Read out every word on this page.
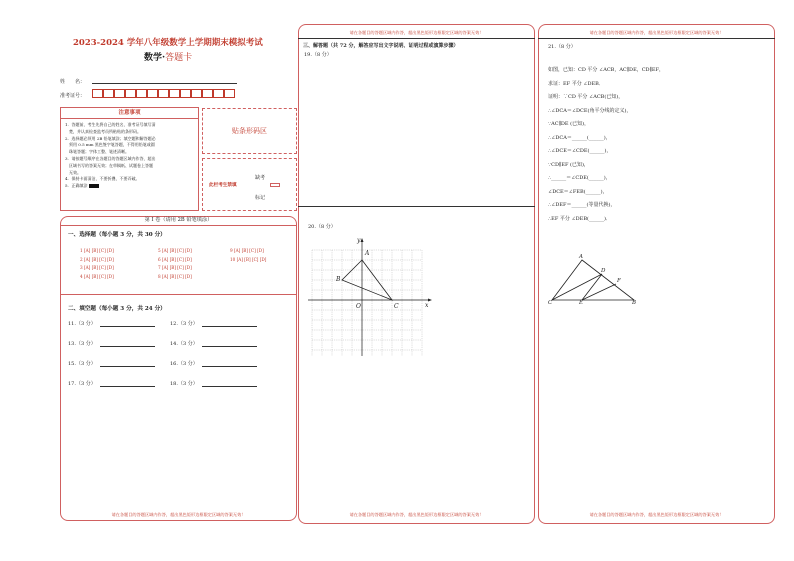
2023-2024 学年八年级数学上学期期末模拟考试
数学·答题卡
姓　　名：
准考证号：
注意事项
1．答题前，考生先将自己的姓名，准考证号填写清
　楚，并认真检查监考员所粘贴的条形码。
2．选择题必须用 2B 铅笔填涂；填空题和解答题必
　须用 0.5 mm 黑色签字笔答题，不得用铅笔或圆
　珠笔答题；字体工整、笔迹清晰。
3．请按题号顺序在各题目的答题区域内作答，超出
　区域书写的答案无效；在草稿纸、试题卷上答题
　无效。
4．保持卡面清洁，不要折叠、不要弄破。
5．正确填涂
贴条形码区
缺考
此栏考生禁填
标记
第 Ⅰ 卷（请用 2B 铅笔填涂）
一、选择题（每小题 3 分，共 30 分）
1 [A] [B] [C] [D]
2 [A] [B] [C] [D]
3 [A] [B] [C] [D]
4 [A] [B] [C] [D]
5 [A] [B] [C] [D]
6 [A] [B] [C] [D]
7 [A] [B] [C] [D]
8 [A] [B] [C] [D]
9 [A] [B] [C] [D]
10 [A] [B] [C] [D]
二、填空题（每小题 3 分，共 24 分）
11.（3 分）	12.（3 分）
13.（3 分）	14.（3 分）
15.（3 分）	16.（3 分）
17.（3 分）	18.（3 分）
请在各题目的答题区域内作答，超出黑色矩形边框限定区域的答案无效！
请在各题目的答题区域内作答，超出黑色矩形边框限定区域的答案无效！
三、解答题（共 72 分，解答应写出文字说明、证明过程或演算步骤）
19.（8 分）
20.（8 分）
y
x
O
A
B
C
请在各题目的答题区域内作答，超出黑色矩形边框限定区域的答案无效！
请在各题目的答题区域内作答，超出黑色矩形边框限定区域的答案无效！
21.（8 分）
如图，已知：CD 平分 ∠ACB，AC∥DE，CD∥EF，
求证：EF 平分 ∠DEB．
证明：∵CD 平分 ∠ACB(已知)，
∴∠DCA＝∠DCE(角平分线的定义)，
∵AC∥DE (已知)，
∴∠DCA＝______(______)，
∴∠DCE＝∠CDE(______)，
∵CD∥EF (已知)，
∴______＝∠CDE(______)，
∠DCE＝∠FEB(______)，
∴∠DEF＝______(等量代换)，
∴EF 平分 ∠DEB(______)．
A
C	B
D
E
F
请在各题目的答题区域内作答，超出黑色矩形边框限定区域的答案无效！
